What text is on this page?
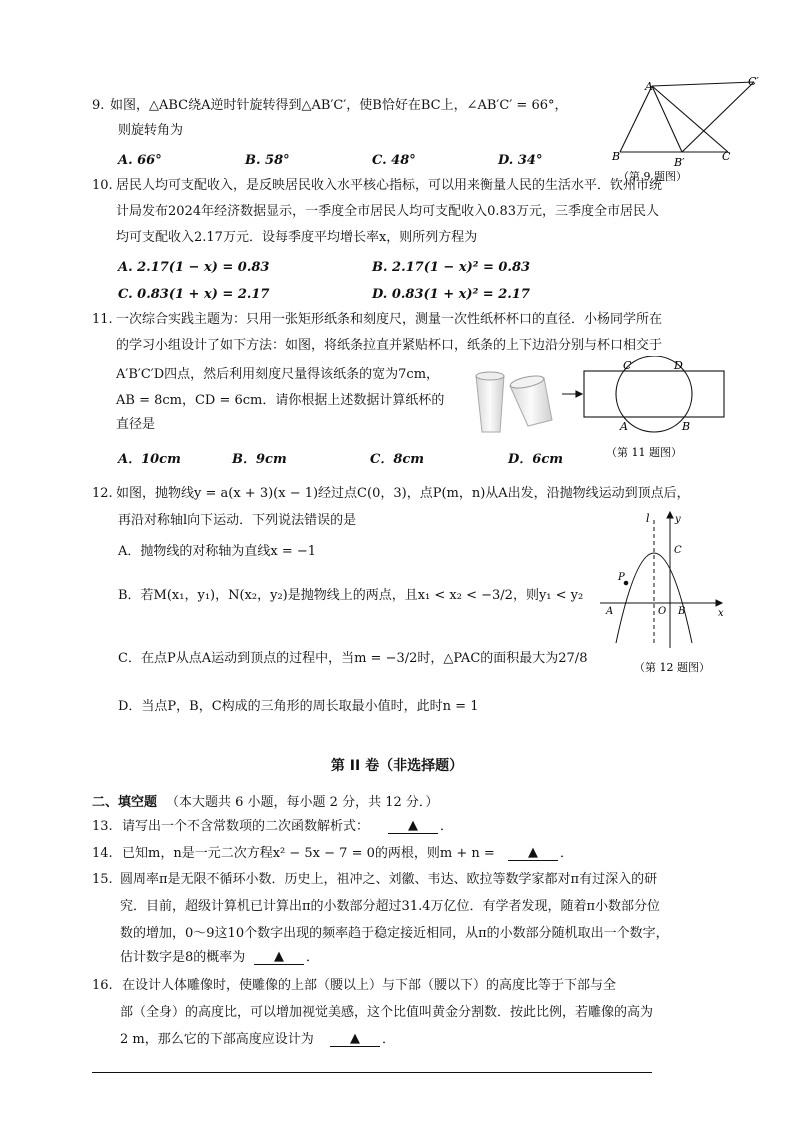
9. 如图，△ABC绕A逆时针旋转得到△AB′C′，使B恰好在BC上，∠AB′C′ = 66°，
则旋转角为
A. 66°	B. 58°	C. 48°	D. 34°
A
B	B′	C
C′
（第 9 题图）
10. 居民人均可支配收入，是反映居民收入水平核心指标，可以用来衡量人民的生活水平．钦州市统
计局发布2024年经济数据显示，一季度全市居民人均可支配收入0.83万元，三季度全市居民人
均可支配收入2.17万元．设每季度平均增长率x，则所列方程为
A. 2.17(1 − x) = 0.83	B. 2.17(1 − x)² = 0.83
C. 0.83(1 + x) = 2.17	D. 0.83(1 + x)² = 2.17
11. 一次综合实践主题为：只用一张矩形纸条和刻度尺，测量一次性纸杯杯口的直径．小杨同学所在
的学习小组设计了如下方法：如图，将纸条拉直并紧贴杯口，纸条的上下边沿分别与杯口相交于
A′B′C′D四点，然后利用刻度尺量得该纸条的宽为7cm，
AB = 8cm，CD = 6cm．请你根据上述数据计算纸杯的
直径是
C	D
A	B
（第 11 题图）
A．10cm	B．9cm	C．8cm	D．6cm
12. 如图，抛物线y = a(x + 3)(x − 1)经过点C(0，3)，点P(m，n)从A出发，沿抛物线运动到顶点后，
再沿对称轴l向下运动．下列说法错误的是
A．抛物线的对称轴为直线x = −1
B．若M(x₁，y₁)，N(x₂，y₂)是抛物线上的两点，且x₁ < x₂ < −3/2，则y₁ < y₂
C．在点P从点A运动到顶点的过程中，当m = −3/2时，△PAC的面积最大为27/8
D．当点P，B，C构成的三角形的周长取最小值时，此时n = 1
l	y
x
C
P
A	O B
（第 12 题图）
第 II 卷（非选择题）
二、填空题 （本大题共 6 小题，每小题 2 分，共 12 分．）
13. 请写出一个不含常数项的二次函数解析式：	▲	．
14. 已知m，n是一元二次方程x² − 5x − 7 = 0的两根，则m + n =	▲	．
15. 圆周率π是无限不循环小数．历史上，祖冲之、刘徽、韦达、欧拉等数学家都对π有过深入的研
究．目前，超级计算机已计算出π的小数部分超过31.4万亿位．有学者发现，随着π小数部分位
数的增加，0～9这10个数字出现的频率趋于稳定接近相同，从π的小数部分随机取出一个数字，
估计数字是8的概率为	▲	．
16. 在设计人体雕像时，使雕像的上部（腰以上）与下部（腰以下）的高度比等于下部与全
部（全身）的高度比，可以增加视觉美感，这个比值叫黄金分割数．按此比例，若雕像的高为
2 m，那么它的下部高度应设计为	▲	．
